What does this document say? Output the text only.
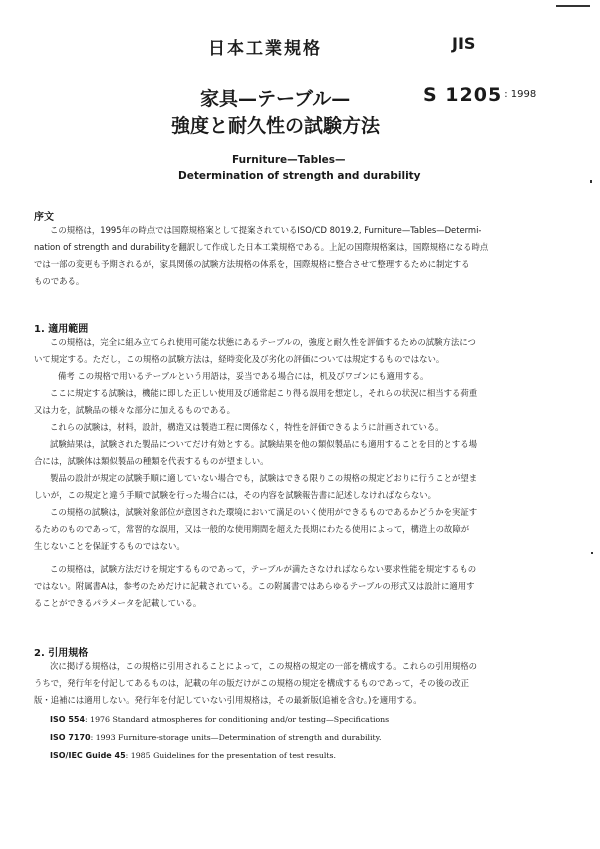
日本工業規格	JIS
家具—テーブル—
強度と耐久性の試験方法
S 1205 $^{: 1998}$
Furniture—Tables—
Determination of strength and durability
序文
この規格は，1995年の時点では国際規格案として提案されているISO/CD 8019.2, Furniture—Tables—Determi-
nation of strength and durabilityを翻訳して作成した日本工業規格である。上記の国際規格案は，国際規格になる時点
では一部の変更も予期されるが，家具関係の試験方法規格の体系を，国際規格に整合させて整理するために制定する
ものである。
1. 適用範囲
この規格は，完全に組み立てられ使用可能な状態にあるテーブルの，強度と耐久性を評価するための試験方法につ
いて規定する。ただし，この規格の試験方法は，経時変化及び劣化の評価については規定するものではない。
備考 この規格で用いるテーブルという用語は，妥当である場合には，机及びワゴンにも適用する。
ここに規定する試験は，機能に即した正しい使用及び通常起こり得る誤用を想定し，それらの状況に相当する荷重
又は力を，試験品の様々な部分に加えるものである。
これらの試験は，材料，設計，構造又は製造工程に関係なく，特性を評価できるように計画されている。
試験結果は，試験された製品についてだけ有効とする。試験結果を他の類似製品にも適用することを目的とする場
合には，試験体は類似製品の種類を代表するものが望ましい。
製品の設計が規定の試験手順に適していない場合でも，試験はできる限りこの規格の規定どおりに行うことが望ま
しいが，この規定と違う手順で試験を行った場合には，その内容を試験報告書に記述しなければならない。
この規格の試験は，試験対象部位が意図された環境において満足のいく使用ができるものであるかどうかを実証す
るためのものであって，常習的な誤用，又は一般的な使用期間を超えた長期にわたる使用によって，構造上の故障が
生じないことを保証するものではない。
この規格は，試験方法だけを規定するものであって，テーブルが満たさなければならない要求性能を規定するもの
ではない。附属書Aは，参考のためだけに記載されている。この附属書ではあらゆるテーブルの形式又は設計に適用す
ることができるパラメータを記載している。
2. 引用規格
次に掲げる規格は，この規格に引用されることによって，この規格の規定の一部を構成する。これらの引用規格の
うちで，発行年を付記してあるものは，記載の年の版だけがこの規格の規定を構成するものであって，その後の改正
版・追補には適用しない。発行年を付記していない引用規格は，その最新版(追補を含む。)を適用する。
ISO 554: 1976 Standard atmospheres for conditioning and/or testing—Specifications
ISO 7170: 1993 Furniture-storage units—Determination of strength and durability.
ISO/IEC Guide 45: 1985 Guidelines for the presentation of test results.
